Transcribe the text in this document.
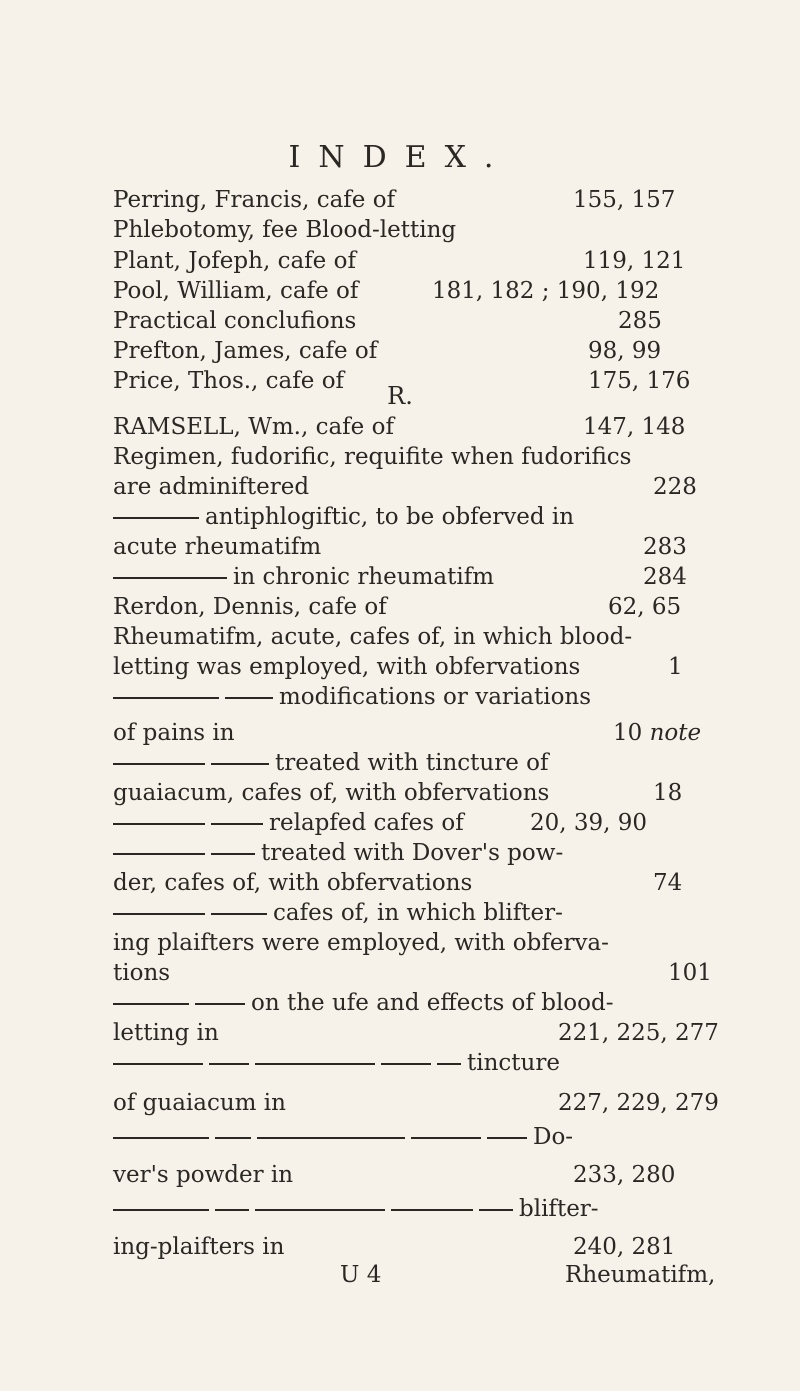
INDEX.
Perring, Francis, cafe of	155, 157
Phlebotomy, fee Blood-letting
Plant, Jofeph, cafe of	119, 121
Pool, William, cafe of	181, 182 ; 190, 192
Practical conclufions	285
Prefton, James, cafe of	98, 99
Price, Thos., cafe of	175, 176
R.
RAMSELL, Wm., cafe of	147, 148
Regimen, fudorific, requifite when fudorifics
are adminiftered	228
antiphlogiftic, to be obferved in
acute rheumatifm	283
in chronic rheumatifm	284
Rerdon, Dennis, cafe of	62, 65
Rheumatifm, acute, cafes of, in which blood-
letting was employed, with obfervations	1
modifications or variations
of pains in	10 note
treated with tincture of
guaiacum, cafes of, with obfervations	18
relapfed cafes of	20, 39, 90
treated with Dover's pow-
der, cafes of, with obfervations	74
cafes of, in which blifter-
ing plaifters were employed, with obferva-
tions	101
on the ufe and effects of blood-
letting in	221, 225, 277
tincture
of guaiacum in	227, 229, 279
Do-
ver's powder in	233, 280
blifter-
ing-plaifters in	240, 281
U 4	Rheumatifm,
